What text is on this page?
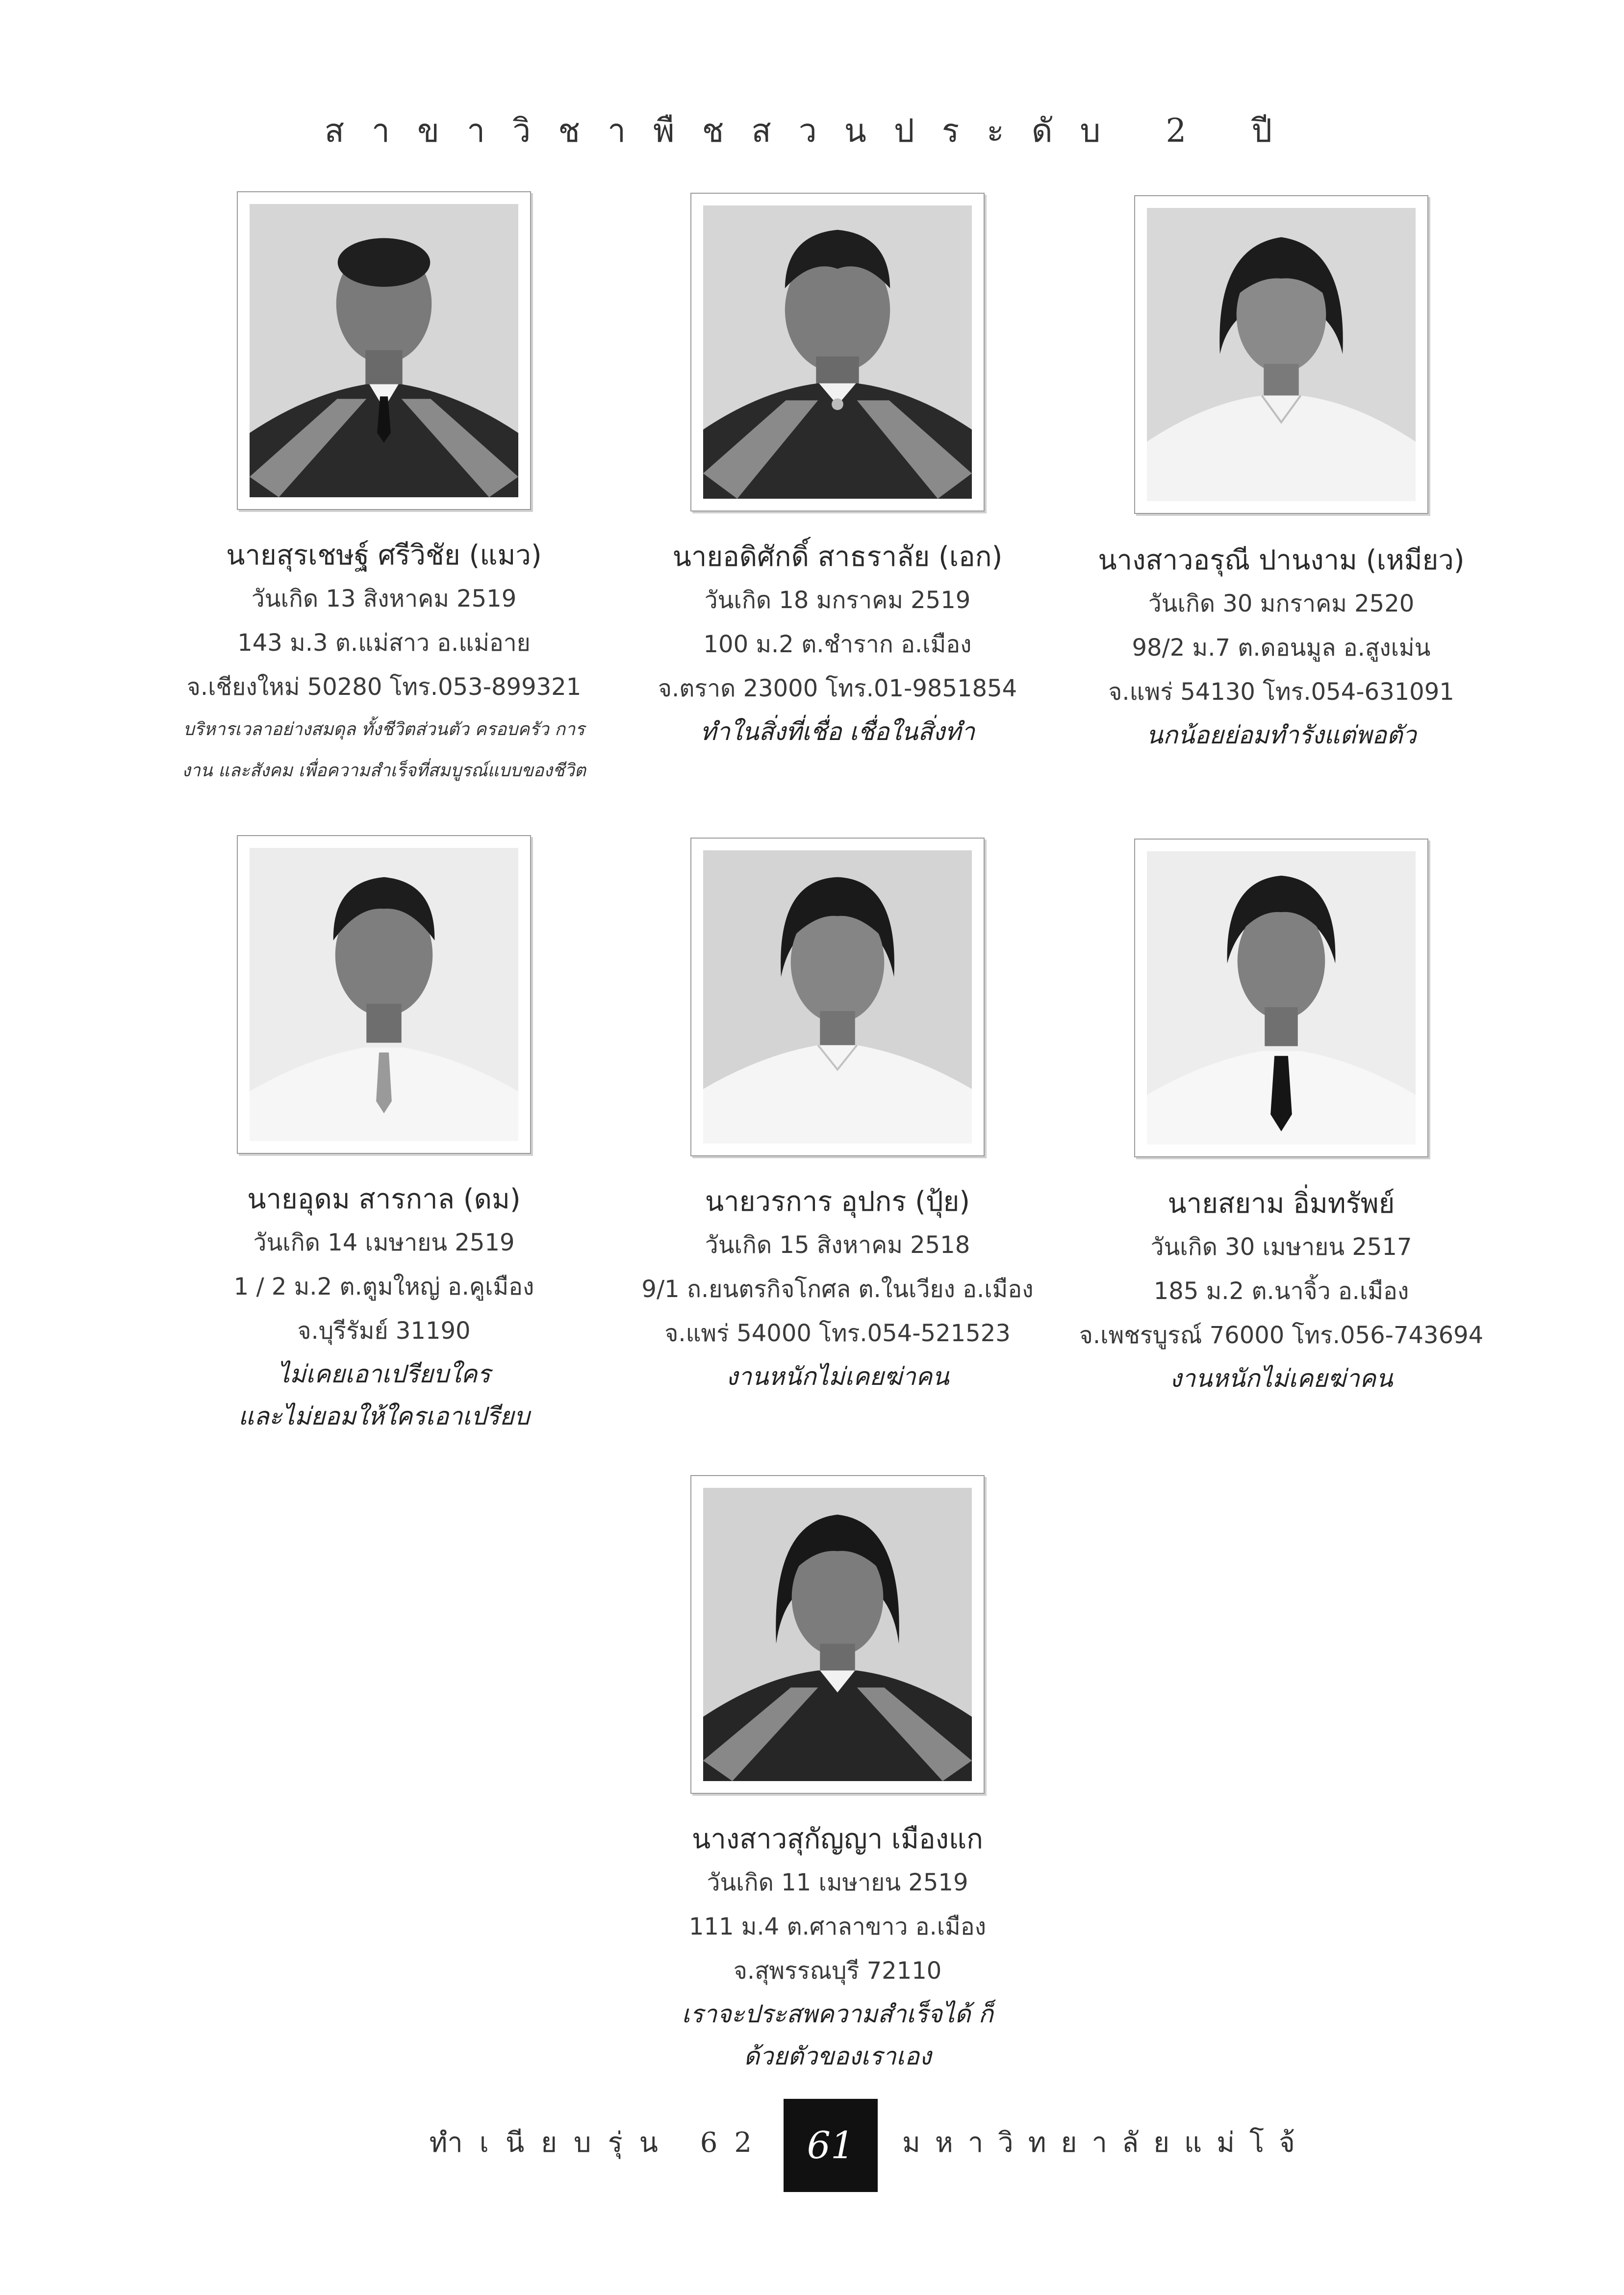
สาขาวิชาพืชสวนประดับ 2 ปี
นายสุรเชษฐ์ ศรีวิชัย (แมว)
วันเกิด 13 สิงหาคม 2519
143 ม.3 ต.แม่สาว อ.แม่อาย
จ.เชียงใหม่ 50280 โทร.053-899321
บริหารเวลาอย่างสมดุล ทั้งชีวิตส่วนตัว ครอบครัว การ
งาน และสังคม เพื่อความสำเร็จที่สมบูรณ์แบบของชีวิต
นายอดิศักดิ์ สาธราลัย (เอก)
วันเกิด 18 มกราคม 2519
100 ม.2 ต.ชำราก อ.เมือง
จ.ตราด 23000 โทร.01-9851854
ทำในสิ่งที่เชื่อ เชื่อในสิ่งทำ
นางสาวอรุณี ปานงาม (เหมียว)
วันเกิด 30 มกราคม 2520
98/2 ม.7 ต.ดอนมูล อ.สูงเม่น
จ.แพร่ 54130 โทร.054-631091
นกน้อยย่อมทำรังแต่พอตัว
นายอุดม สารกาล (ดม)
วันเกิด 14 เมษายน 2519
1 / 2 ม.2 ต.ตูมใหญ่ อ.คูเมือง
จ.บุรีรัมย์ 31190
ไม่เคยเอาเปรียบใคร
และไม่ยอมให้ใครเอาเปรียบ
นายวรการ อุปกร (ปุ้ย)
วันเกิด 15 สิงหาคม 2518
9/1 ถ.ยนตรกิจโกศล ต.ในเวียง อ.เมือง
จ.แพร่ 54000 โทร.054-521523
งานหนักไม่เคยฆ่าคน
นายสยาม อิ่มทรัพย์
วันเกิด 30 เมษายน 2517
185 ม.2 ต.นาจิ้ว อ.เมือง
จ.เพชรบูรณ์ 76000 โทร.056-743694
งานหนักไม่เคยฆ่าคน
นางสาวสุกัญญา เมืองแก
วันเกิด 11 เมษายน 2519
111 ม.4 ต.ศาลาขาว อ.เมือง
จ.สุพรรณบุรี 72110
เราจะประสพความสำเร็จได้ ก็
ด้วยตัวของเราเอง
ทำเนียบรุ่น 62	61	มหาวิทยาลัยแม่โจ้
